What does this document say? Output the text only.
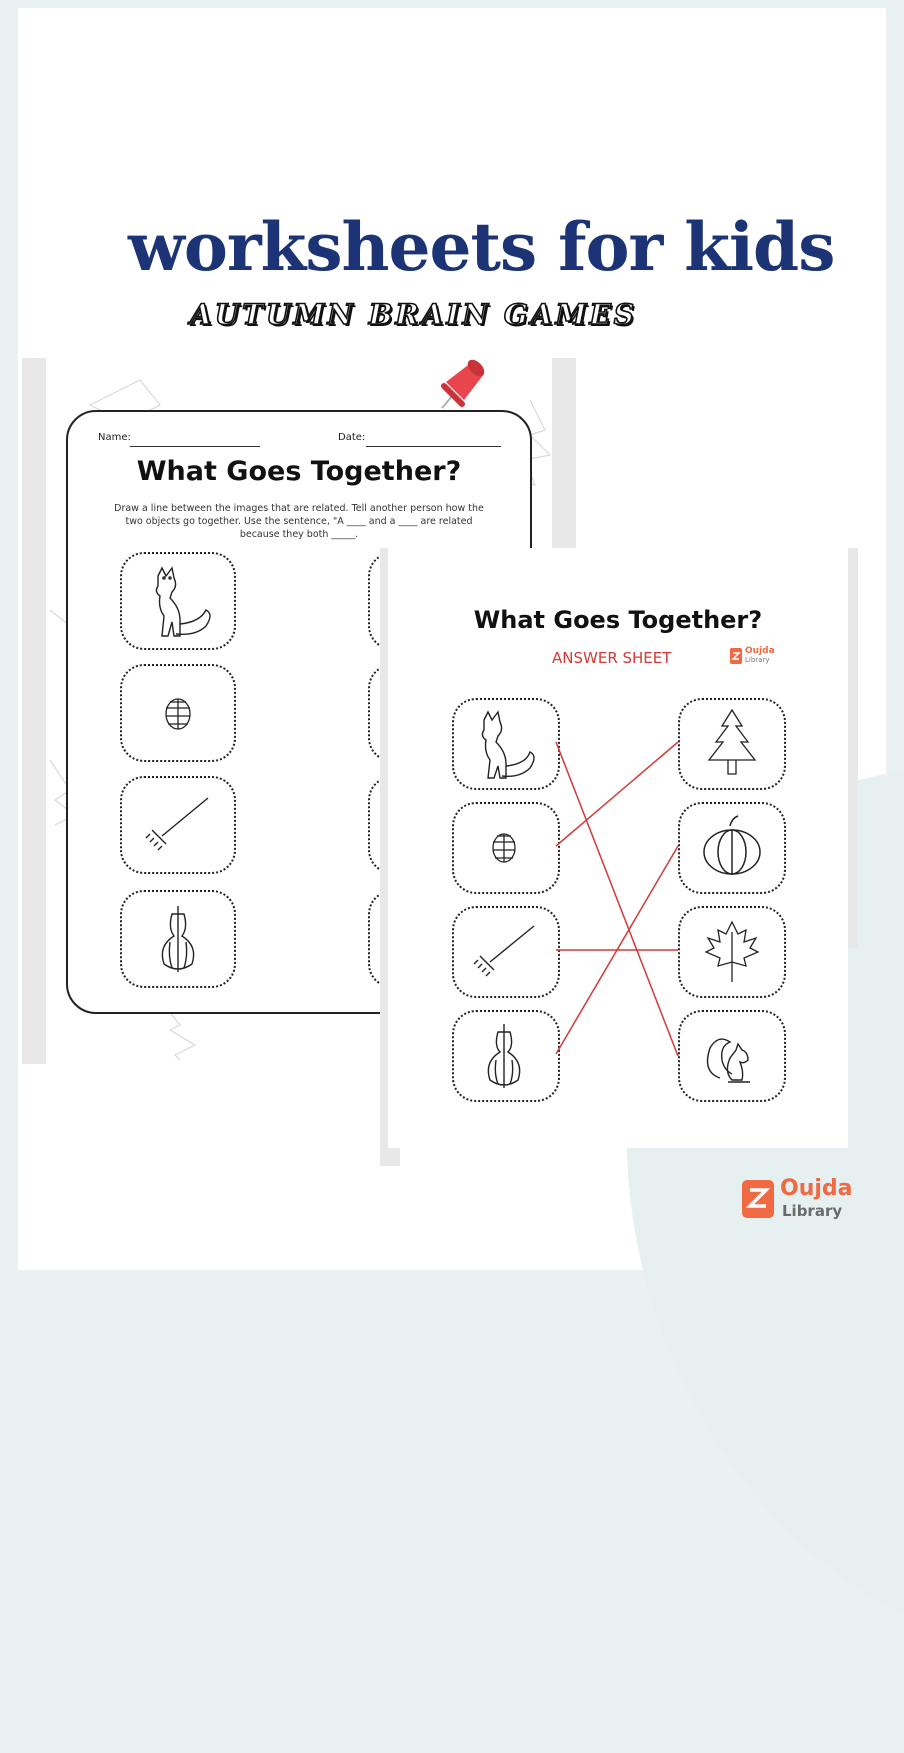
worksheets for kids
AUTUMN BRAIN GAMES
Name:	Date:
What Goes Together?
Draw a line between the images that are related. Tell another person how the two objects go together. Use the sentence, "A ____ and a ____ are related because they both _____.
What Goes Together?
ANSWER SHEET	Oujda
Library
Oujda
Library
